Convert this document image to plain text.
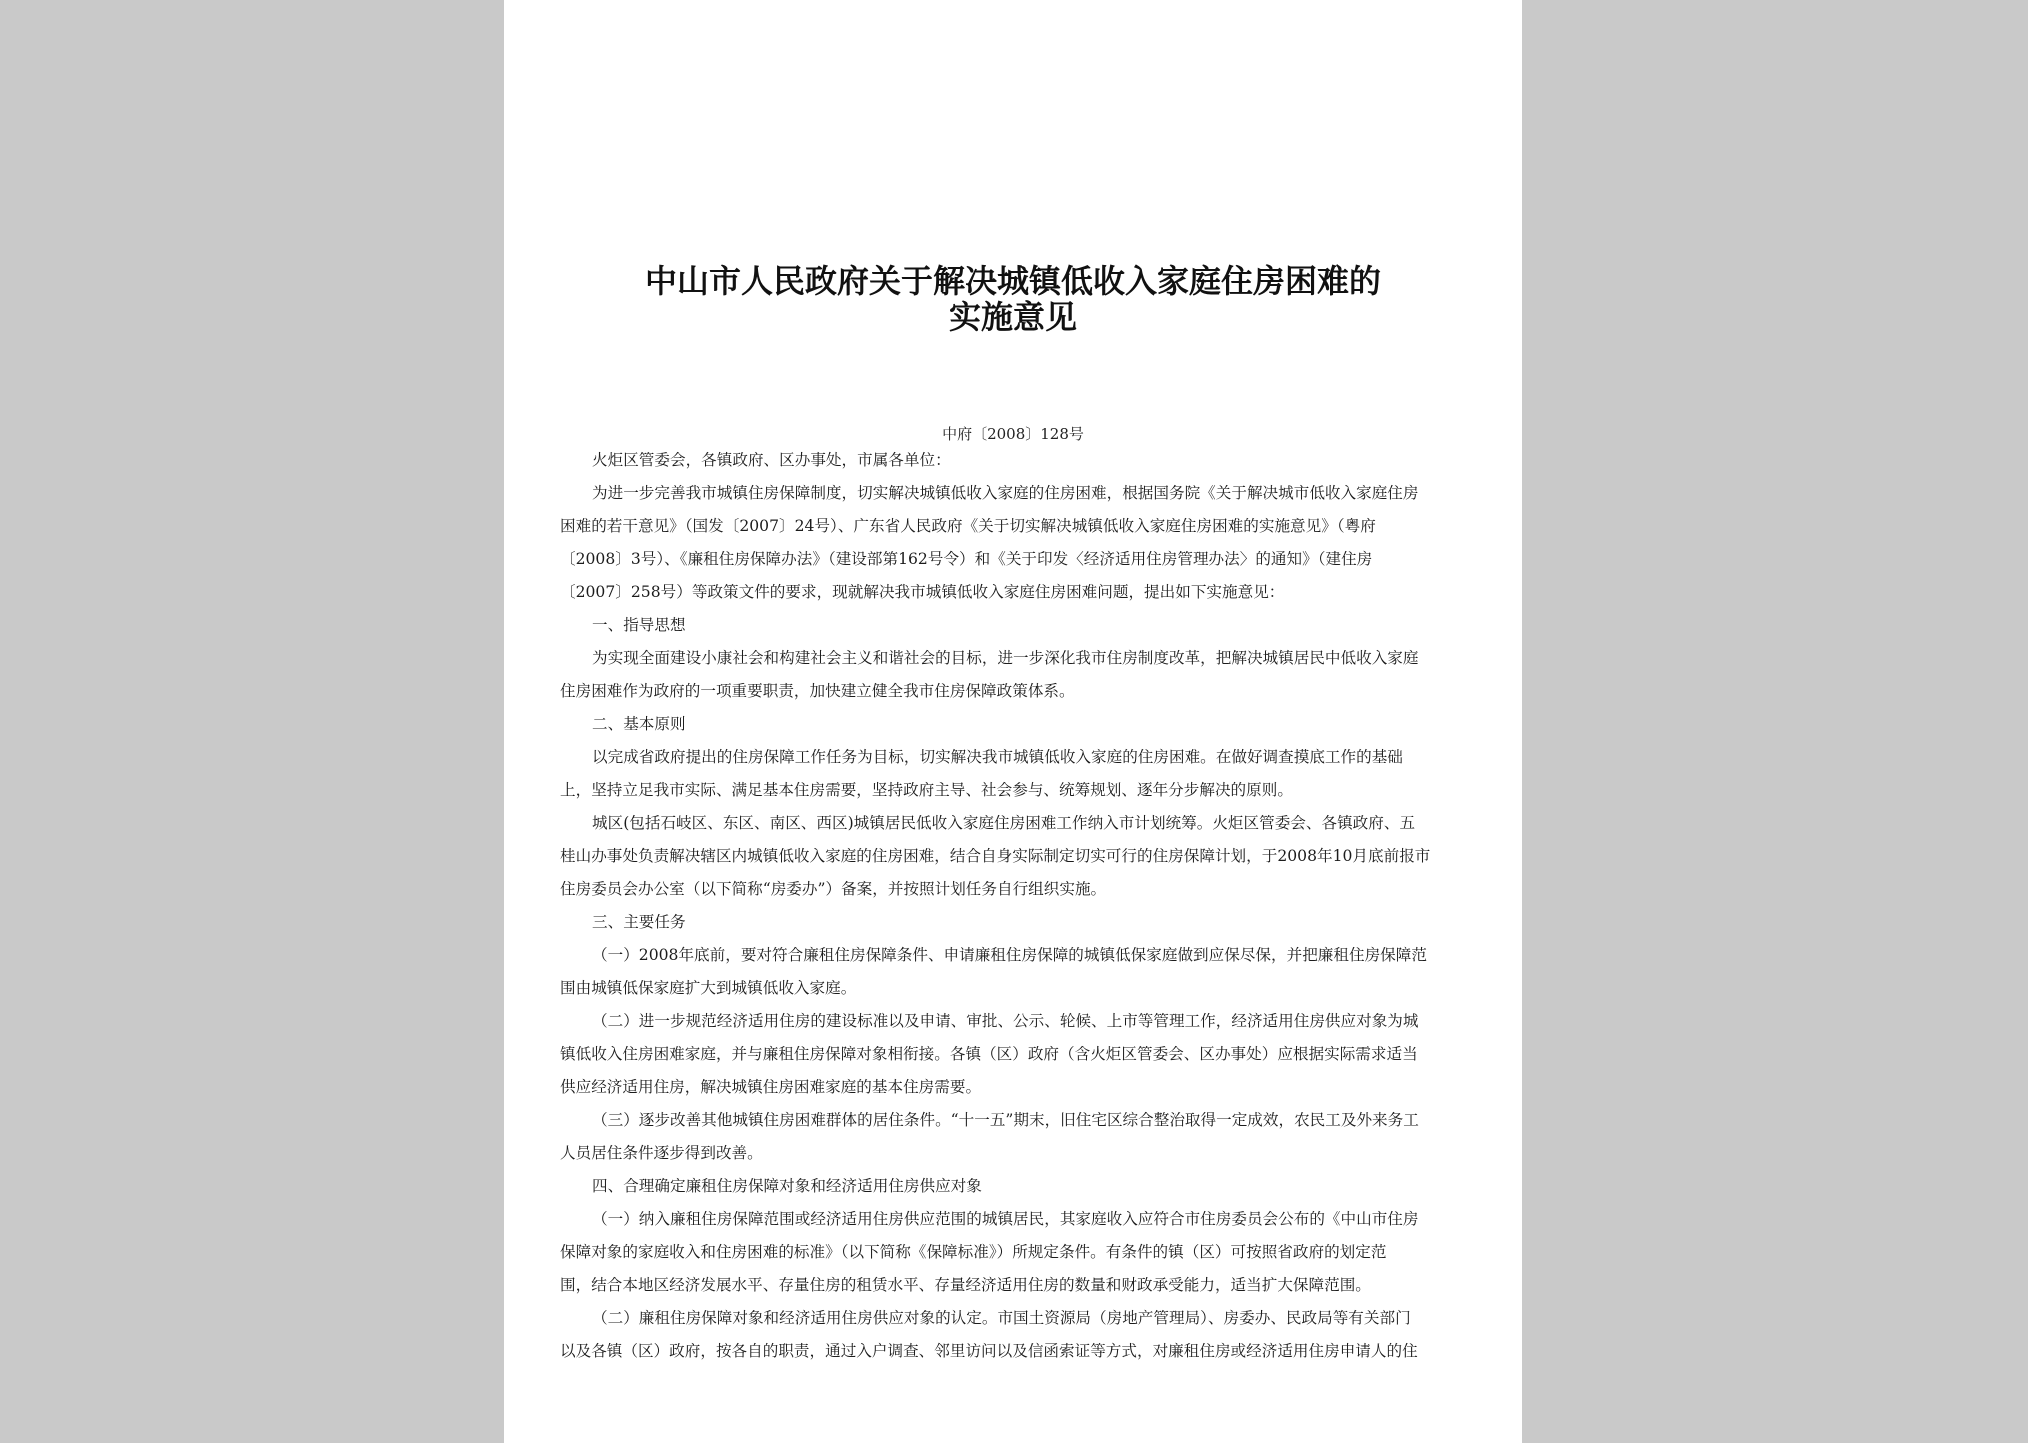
中山市人民政府关于解决城镇低收入家庭住房困难的
实施意见
中府〔2008〕128号
火炬区管委会，各镇政府、区办事处，市属各单位：
为进一步完善我市城镇住房保障制度，切实解决城镇低收入家庭的住房困难，根据国务院《关于解决城市低收入家庭住房
困难的若干意见》（国发〔2007〕24号）、广东省人民政府《关于切实解决城镇低收入家庭住房困难的实施意见》（粤府
〔2008〕3号）、《廉租住房保障办法》（建设部第162号令）和《关于印发〈经济适用住房管理办法〉的通知》（建住房
〔2007〕258号）等政策文件的要求，现就解决我市城镇低收入家庭住房困难问题，提出如下实施意见：
一、指导思想
为实现全面建设小康社会和构建社会主义和谐社会的目标，进一步深化我市住房制度改革，把解决城镇居民中低收入家庭
住房困难作为政府的一项重要职责，加快建立健全我市住房保障政策体系。
二、基本原则
以完成省政府提出的住房保障工作任务为目标，切实解决我市城镇低收入家庭的住房困难。在做好调查摸底工作的基础
上，坚持立足我市实际、满足基本住房需要，坚持政府主导、社会参与、统筹规划、逐年分步解决的原则。
城区(包括石岐区、东区、南区、西区)城镇居民低收入家庭住房困难工作纳入市计划统筹。火炬区管委会、各镇政府、五
桂山办事处负责解决辖区内城镇低收入家庭的住房困难，结合自身实际制定切实可行的住房保障计划，于2008年10月底前报市
住房委员会办公室（以下简称“房委办”）备案，并按照计划任务自行组织实施。
三、主要任务
（一）2008年底前，要对符合廉租住房保障条件、申请廉租住房保障的城镇低保家庭做到应保尽保，并把廉租住房保障范
围由城镇低保家庭扩大到城镇低收入家庭。
（二）进一步规范经济适用住房的建设标准以及申请、审批、公示、轮候、上市等管理工作，经济适用住房供应对象为城
镇低收入住房困难家庭，并与廉租住房保障对象相衔接。各镇（区）政府（含火炬区管委会、区办事处）应根据实际需求适当
供应经济适用住房，解决城镇住房困难家庭的基本住房需要。
（三）逐步改善其他城镇住房困难群体的居住条件。“十一五”期末，旧住宅区综合整治取得一定成效，农民工及外来务工
人员居住条件逐步得到改善。
四、合理确定廉租住房保障对象和经济适用住房供应对象
（一）纳入廉租住房保障范围或经济适用住房供应范围的城镇居民，其家庭收入应符合市住房委员会公布的《中山市住房
保障对象的家庭收入和住房困难的标准》（以下简称《保障标准》）所规定条件。有条件的镇（区）可按照省政府的划定范
围，结合本地区经济发展水平、存量住房的租赁水平、存量经济适用住房的数量和财政承受能力，适当扩大保障范围。
（二）廉租住房保障对象和经济适用住房供应对象的认定。市国土资源局（房地产管理局）、房委办、民政局等有关部门
以及各镇（区）政府，按各自的职责，通过入户调查、邻里访问以及信函索证等方式，对廉租住房或经济适用住房申请人的住
